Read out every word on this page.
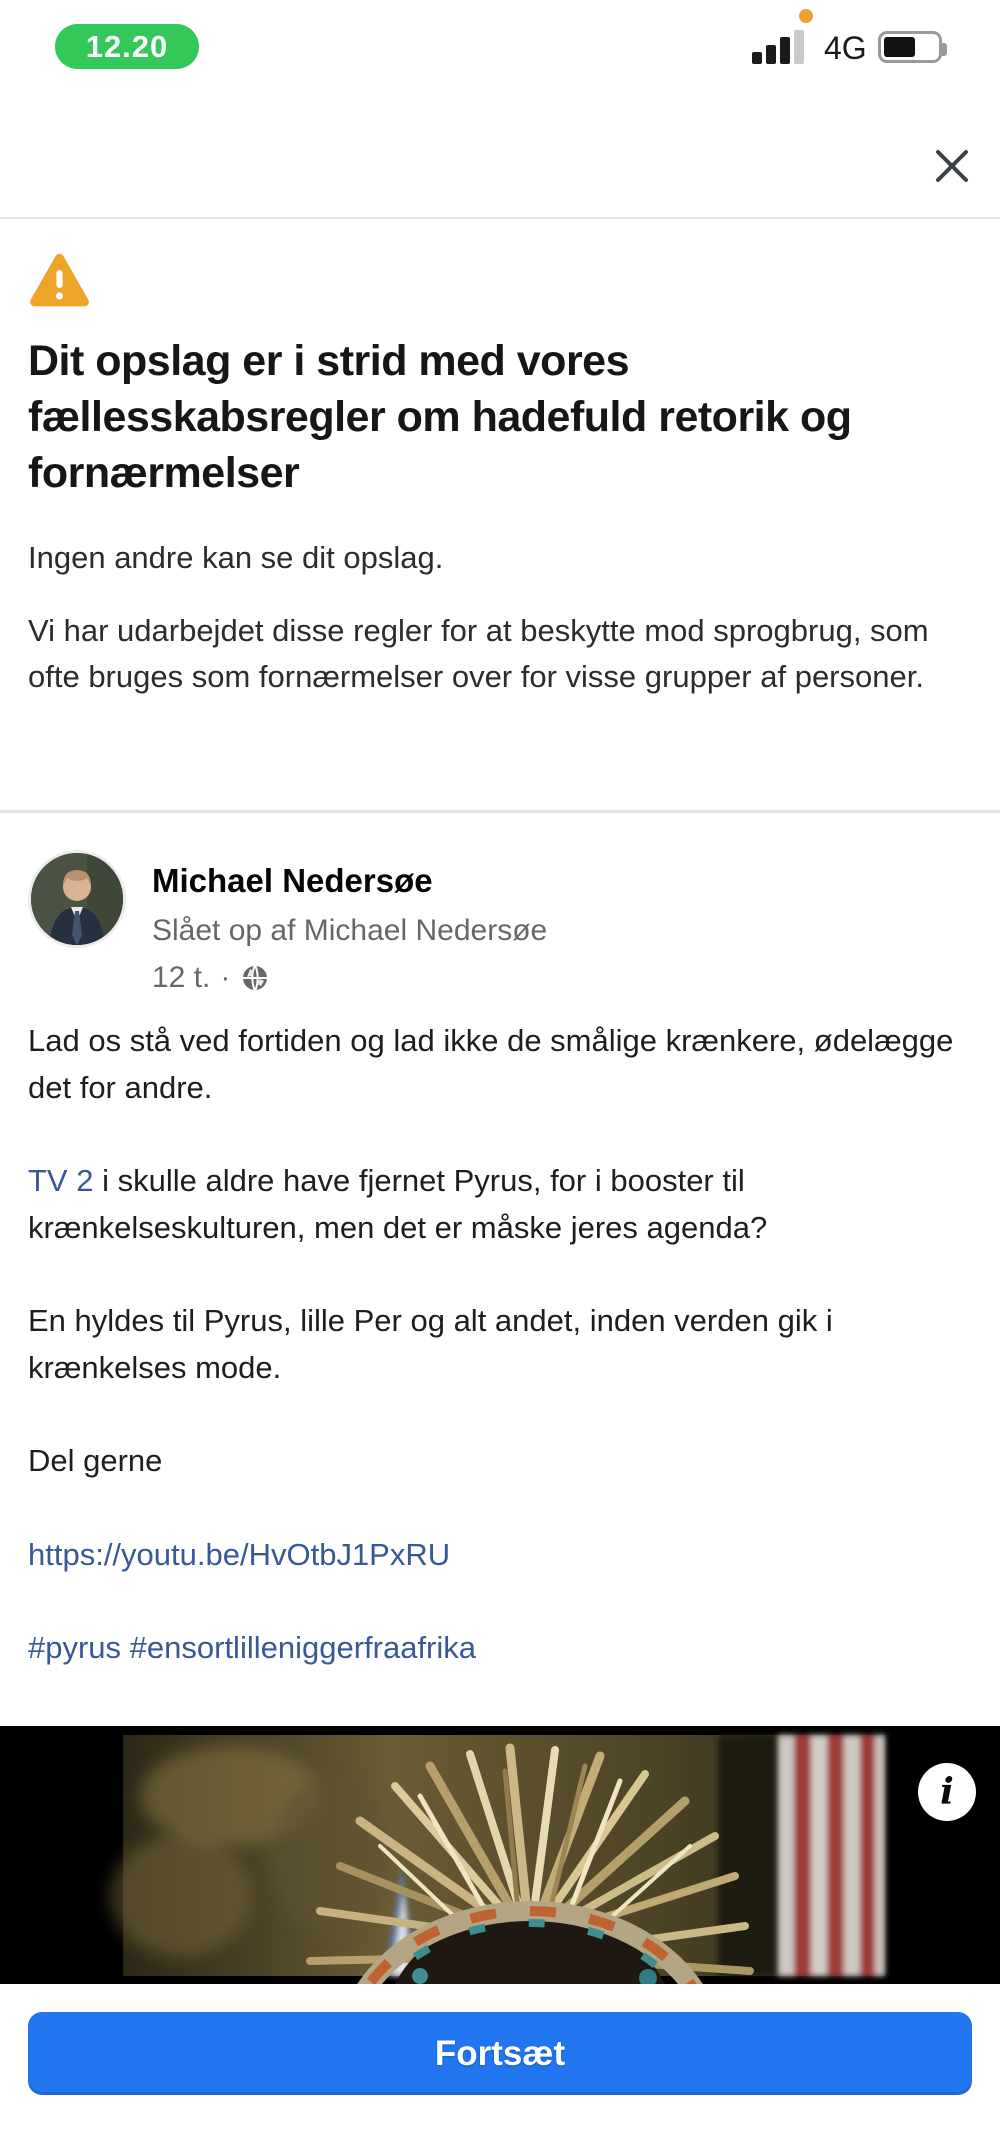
12.20	4G
Dit opslag er i strid med vores fællesskabsregler om hadefuld retorik og fornærmelser

Ingen andre kan se dit opslag.

Vi har udarbejdet disse regler for at beskytte mod sprogbrug, som ofte bruges som fornærmelser over for visse grupper af personer.

Michael Nedersøe
Slået op af Michael Nedersøe
12 t. ·

Lad os stå ved fortiden og lad ikke de smålige krænkere, ødelægge det for andre.

TV 2 i skulle aldre have fjernet Pyrus, for i booster til krænkelseskulturen, men det er måske jeres agenda?

En hyldes til Pyrus, lille Per og alt andet, inden verden gik i krænkelses mode.

Del gerne

https://youtu.be/HvOtbJ1PxRU

#pyrus #ensortlilleniggerfraafrika

i
Fortsæt
